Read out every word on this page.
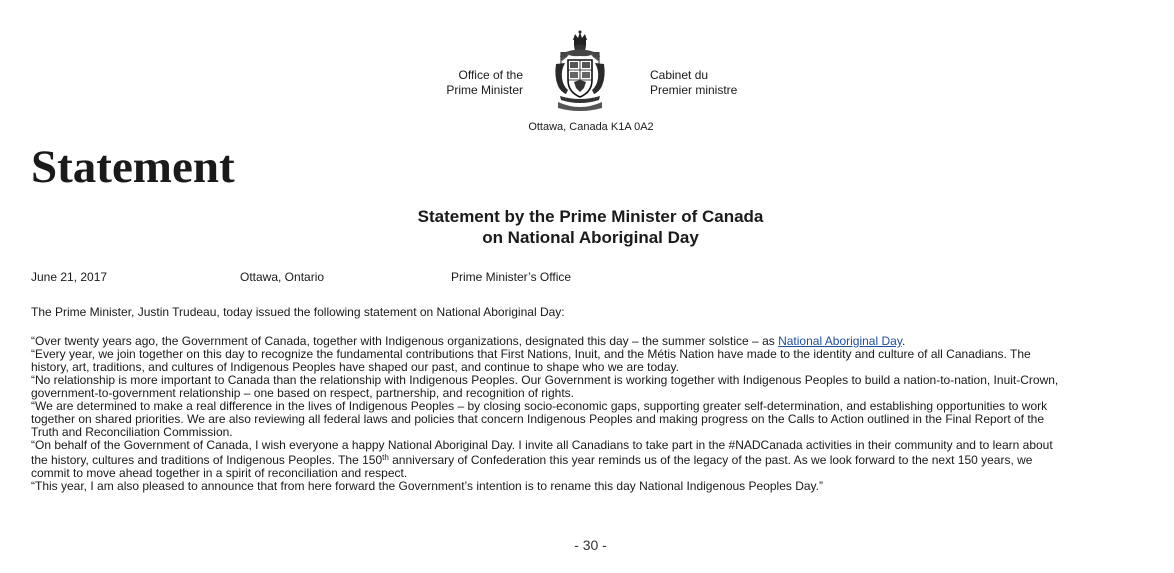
Office of the
Prime Minister
Cabinet du
Premier ministre
Ottawa, Canada K1A 0A2
Statement
Statement by the Prime Minister of Canada
on National Aboriginal Day
June 21, 2017	Ottawa, Ontario	Prime Minister’s Office
The Prime Minister, Justin Trudeau, today issued the following statement on National Aboriginal Day:

“Over twenty years ago, the Government of Canada, together with Indigenous organizations, designated this day – the summer solstice – as National Aboriginal Day.

“Every year, we join together on this day to recognize the fundamental contributions that First Nations, Inuit, and the Métis Nation have made to the identity and culture of all Canadians. The
history, art, traditions, and cultures of Indigenous Peoples have shaped our past, and continue to shape who we are today.

“No relationship is more important to Canada than the relationship with Indigenous Peoples. Our Government is working together with Indigenous Peoples to build a nation-to-nation, Inuit-Crown,
government-to-government relationship – one based on respect, partnership, and recognition of rights.

“We are determined to make a real difference in the lives of Indigenous Peoples – by closing socio-economic gaps, supporting greater self-determination, and establishing opportunities to work
together on shared priorities. We are also reviewing all federal laws and policies that concern Indigenous Peoples and making progress on the Calls to Action outlined in the Final Report of the
Truth and Reconciliation Commission.

“On behalf of the Government of Canada, I wish everyone a happy National Aboriginal Day. I invite all Canadians to take part in the #NADCanada activities in their community and to learn about
the history, cultures and traditions of Indigenous Peoples. The 150th anniversary of Confederation this year reminds us of the legacy of the past. As we look forward to the next 150 years, we
commit to move ahead together in a spirit of reconciliation and respect.

“This year, I am also pleased to announce that from here forward the Government’s intention is to rename this day National Indigenous Peoples Day.”

- 30 -
